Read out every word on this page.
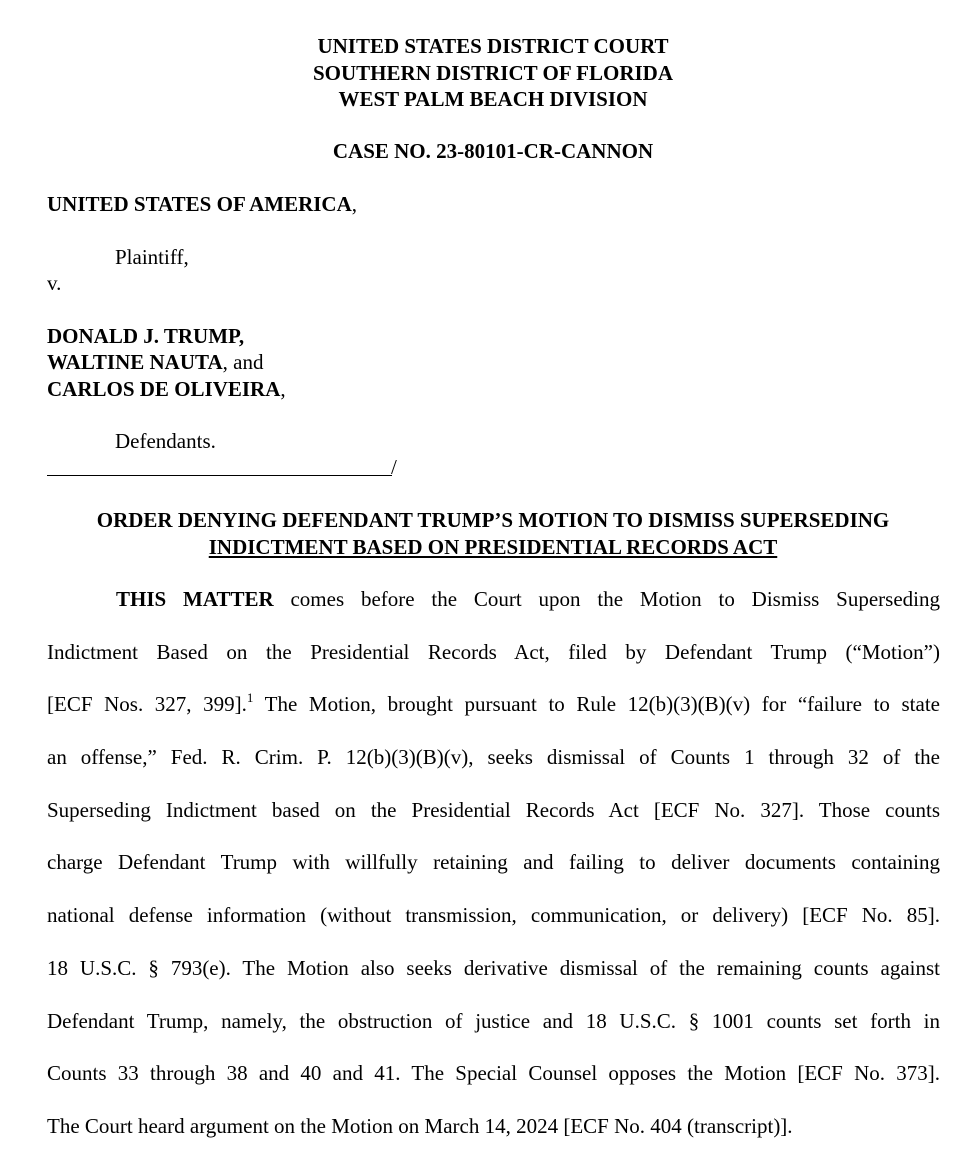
UNITED STATES DISTRICT COURT
SOUTHERN DISTRICT OF FLORIDA
WEST PALM BEACH DIVISION
CASE NO. 23-80101-CR-CANNON
UNITED STATES OF AMERICA,
Plaintiff,
v.
DONALD J. TRUMP,
WALTINE NAUTA, and
CARLOS DE OLIVEIRA,
Defendants.
/
ORDER DENYING DEFENDANT TRUMP’S MOTION TO DISMISS SUPERSEDING
INDICTMENT BASED ON PRESIDENTIAL RECORDS ACT
THIS MATTER comes before the Court upon the Motion to Dismiss Superseding
Indictment Based on the Presidential Records Act, filed by Defendant Trump (“Motion”)
[ECF Nos. 327, 399].$^1$ The Motion, brought pursuant to Rule 12(b)(3)(B)(v) for “failure to state
an offense,” Fed. R. Crim. P. 12(b)(3)(B)(v), seeks dismissal of Counts 1 through 32 of the
Superseding Indictment based on the Presidential Records Act [ECF No. 327]. Those counts
charge Defendant Trump with willfully retaining and failing to deliver documents containing
national defense information (without transmission, communication, or delivery) [ECF No. 85].
18 U.S.C. § 793(e). The Motion also seeks derivative dismissal of the remaining counts against
Defendant Trump, namely, the obstruction of justice and 18 U.S.C. § 1001 counts set forth in
Counts 33 through 38 and 40 and 41. The Special Counsel opposes the Motion [ECF No. 373].
The Court heard argument on the Motion on March 14, 2024 [ECF No. 404 (transcript)].
